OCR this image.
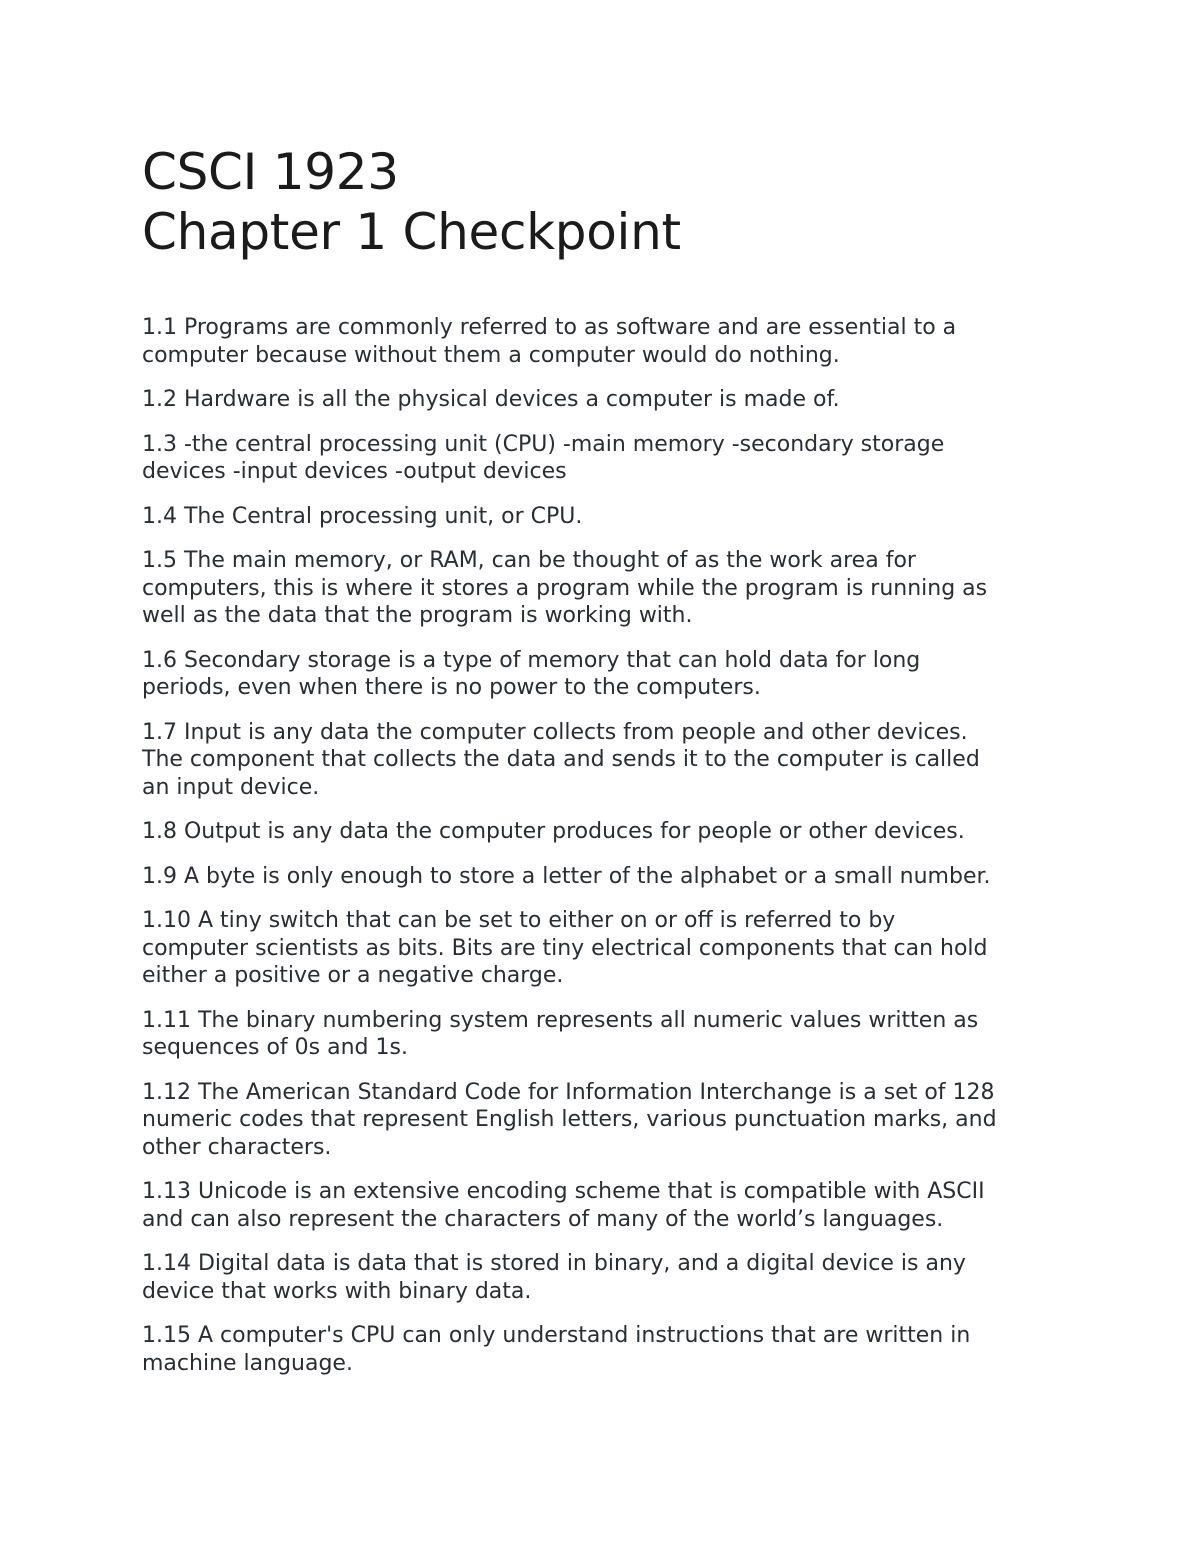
CSCI 1923
Chapter 1 Checkpoint

1.1 Programs are commonly referred to as software and are essential to a
computer because without them a computer would do nothing.

1.2 Hardware is all the physical devices a computer is made of.

1.3 -the central processing unit (CPU) -main memory -secondary storage
devices -input devices -output devices

1.4 The Central processing unit, or CPU.

1.5 The main memory, or RAM, can be thought of as the work area for
computers, this is where it stores a program while the program is running as
well as the data that the program is working with.

1.6 Secondary storage is a type of memory that can hold data for long
periods, even when there is no power to the computers.

1.7 Input is any data the computer collects from people and other devices.
The component that collects the data and sends it to the computer is called
an input device.

1.8 Output is any data the computer produces for people or other devices.

1.9 A byte is only enough to store a letter of the alphabet or a small number.

1.10 A tiny switch that can be set to either on or off is referred to by
computer scientists as bits. Bits are tiny electrical components that can hold
either a positive or a negative charge.

1.11 The binary numbering system represents all numeric values written as
sequences of 0s and 1s.

1.12 The American Standard Code for Information Interchange is a set of 128
numeric codes that represent English letters, various punctuation marks, and
other characters.

1.13 Unicode is an extensive encoding scheme that is compatible with ASCII
and can also represent the characters of many of the world’s languages.

1.14 Digital data is data that is stored in binary, and a digital device is any
device that works with binary data.

1.15 A computer's CPU can only understand instructions that are written in
machine language.
